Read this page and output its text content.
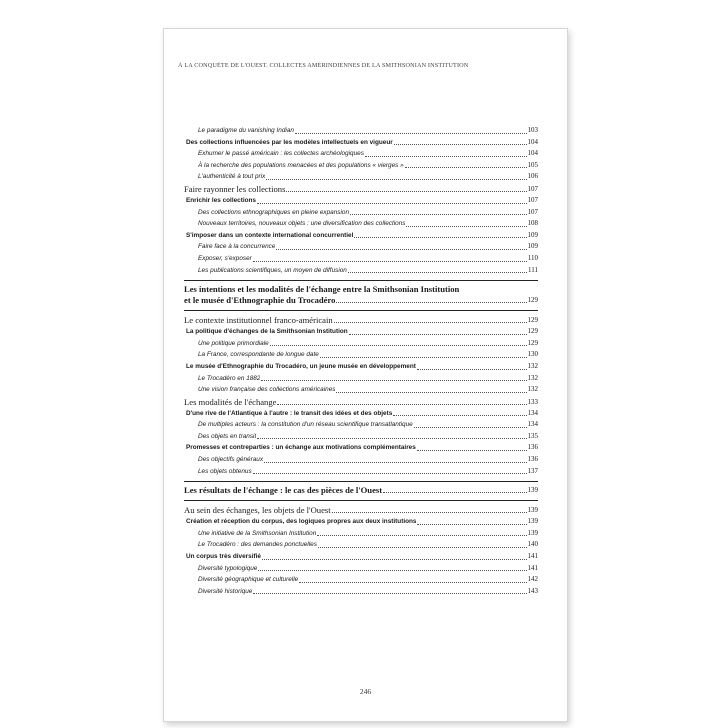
À LA CONQUÊTE DE L'OUEST. COLLECTES AMÉRINDIENNES DE LA SMITHSONIAN INSTITUTION
Le paradigme du vanishing Indian	103
Des collections influencées par les modèles intellectuels en vigueur	104
Exhumer le passé américain : les collectes archéologiques	104
À la recherche des populations menacées et des populations « vierges »	105
L'authenticité à tout prix	106
Faire rayonner les collections	107
Enrichir les collections	107
Des collections ethnographiques en pleine expansion	107
Nouveaux territoires, nouveaux objets : une diversification des collections	108
S'imposer dans un contexte international concurrentiel	109
Faire face à la concurrence	109
Exposer, s'exposer	110
Les publications scientifiques, un moyen de diffusion	111
Les intentions et les modalités de l'échange entre la Smithsonian Institution
et le musée d'Ethnographie du Trocadéro	129
Le contexte institutionnel franco-américain	129
La politique d'échanges de la Smithsonian Institution	129
Une politique primordiale	129
La France, correspondante de longue date	130
Le musée d'Ethnographie du Trocadéro, un jeune musée en développement	132
Le Trocadéro en 1882	132
Une vision française des collections américaines	132
Les modalités de l'échange	133
D'une rive de l'Atlantique à l'autre : le transit des idées et des objets	134
De multiples acteurs : la constitution d'un réseau scientifique transatlantique	134
Des objets en transit	135
Promesses et contreparties : un échange aux motivations complémentaires	136
Des objectifs généraux	136
Les objets obtenus	137
Les résultats de l'échange : le cas des pièces de l'Ouest	139
Au sein des échanges, les objets de l'Ouest	139
Création et réception du corpus, des logiques propres aux deux institutions	139
Une initiative de la Smithsonian Institution	139
Le Trocadéro : des demandes ponctuelles	140
Un corpus très diversifié	141
Diversité typologique	141
Diversité géographique et culturelle	142
Diversité historique	143
246
